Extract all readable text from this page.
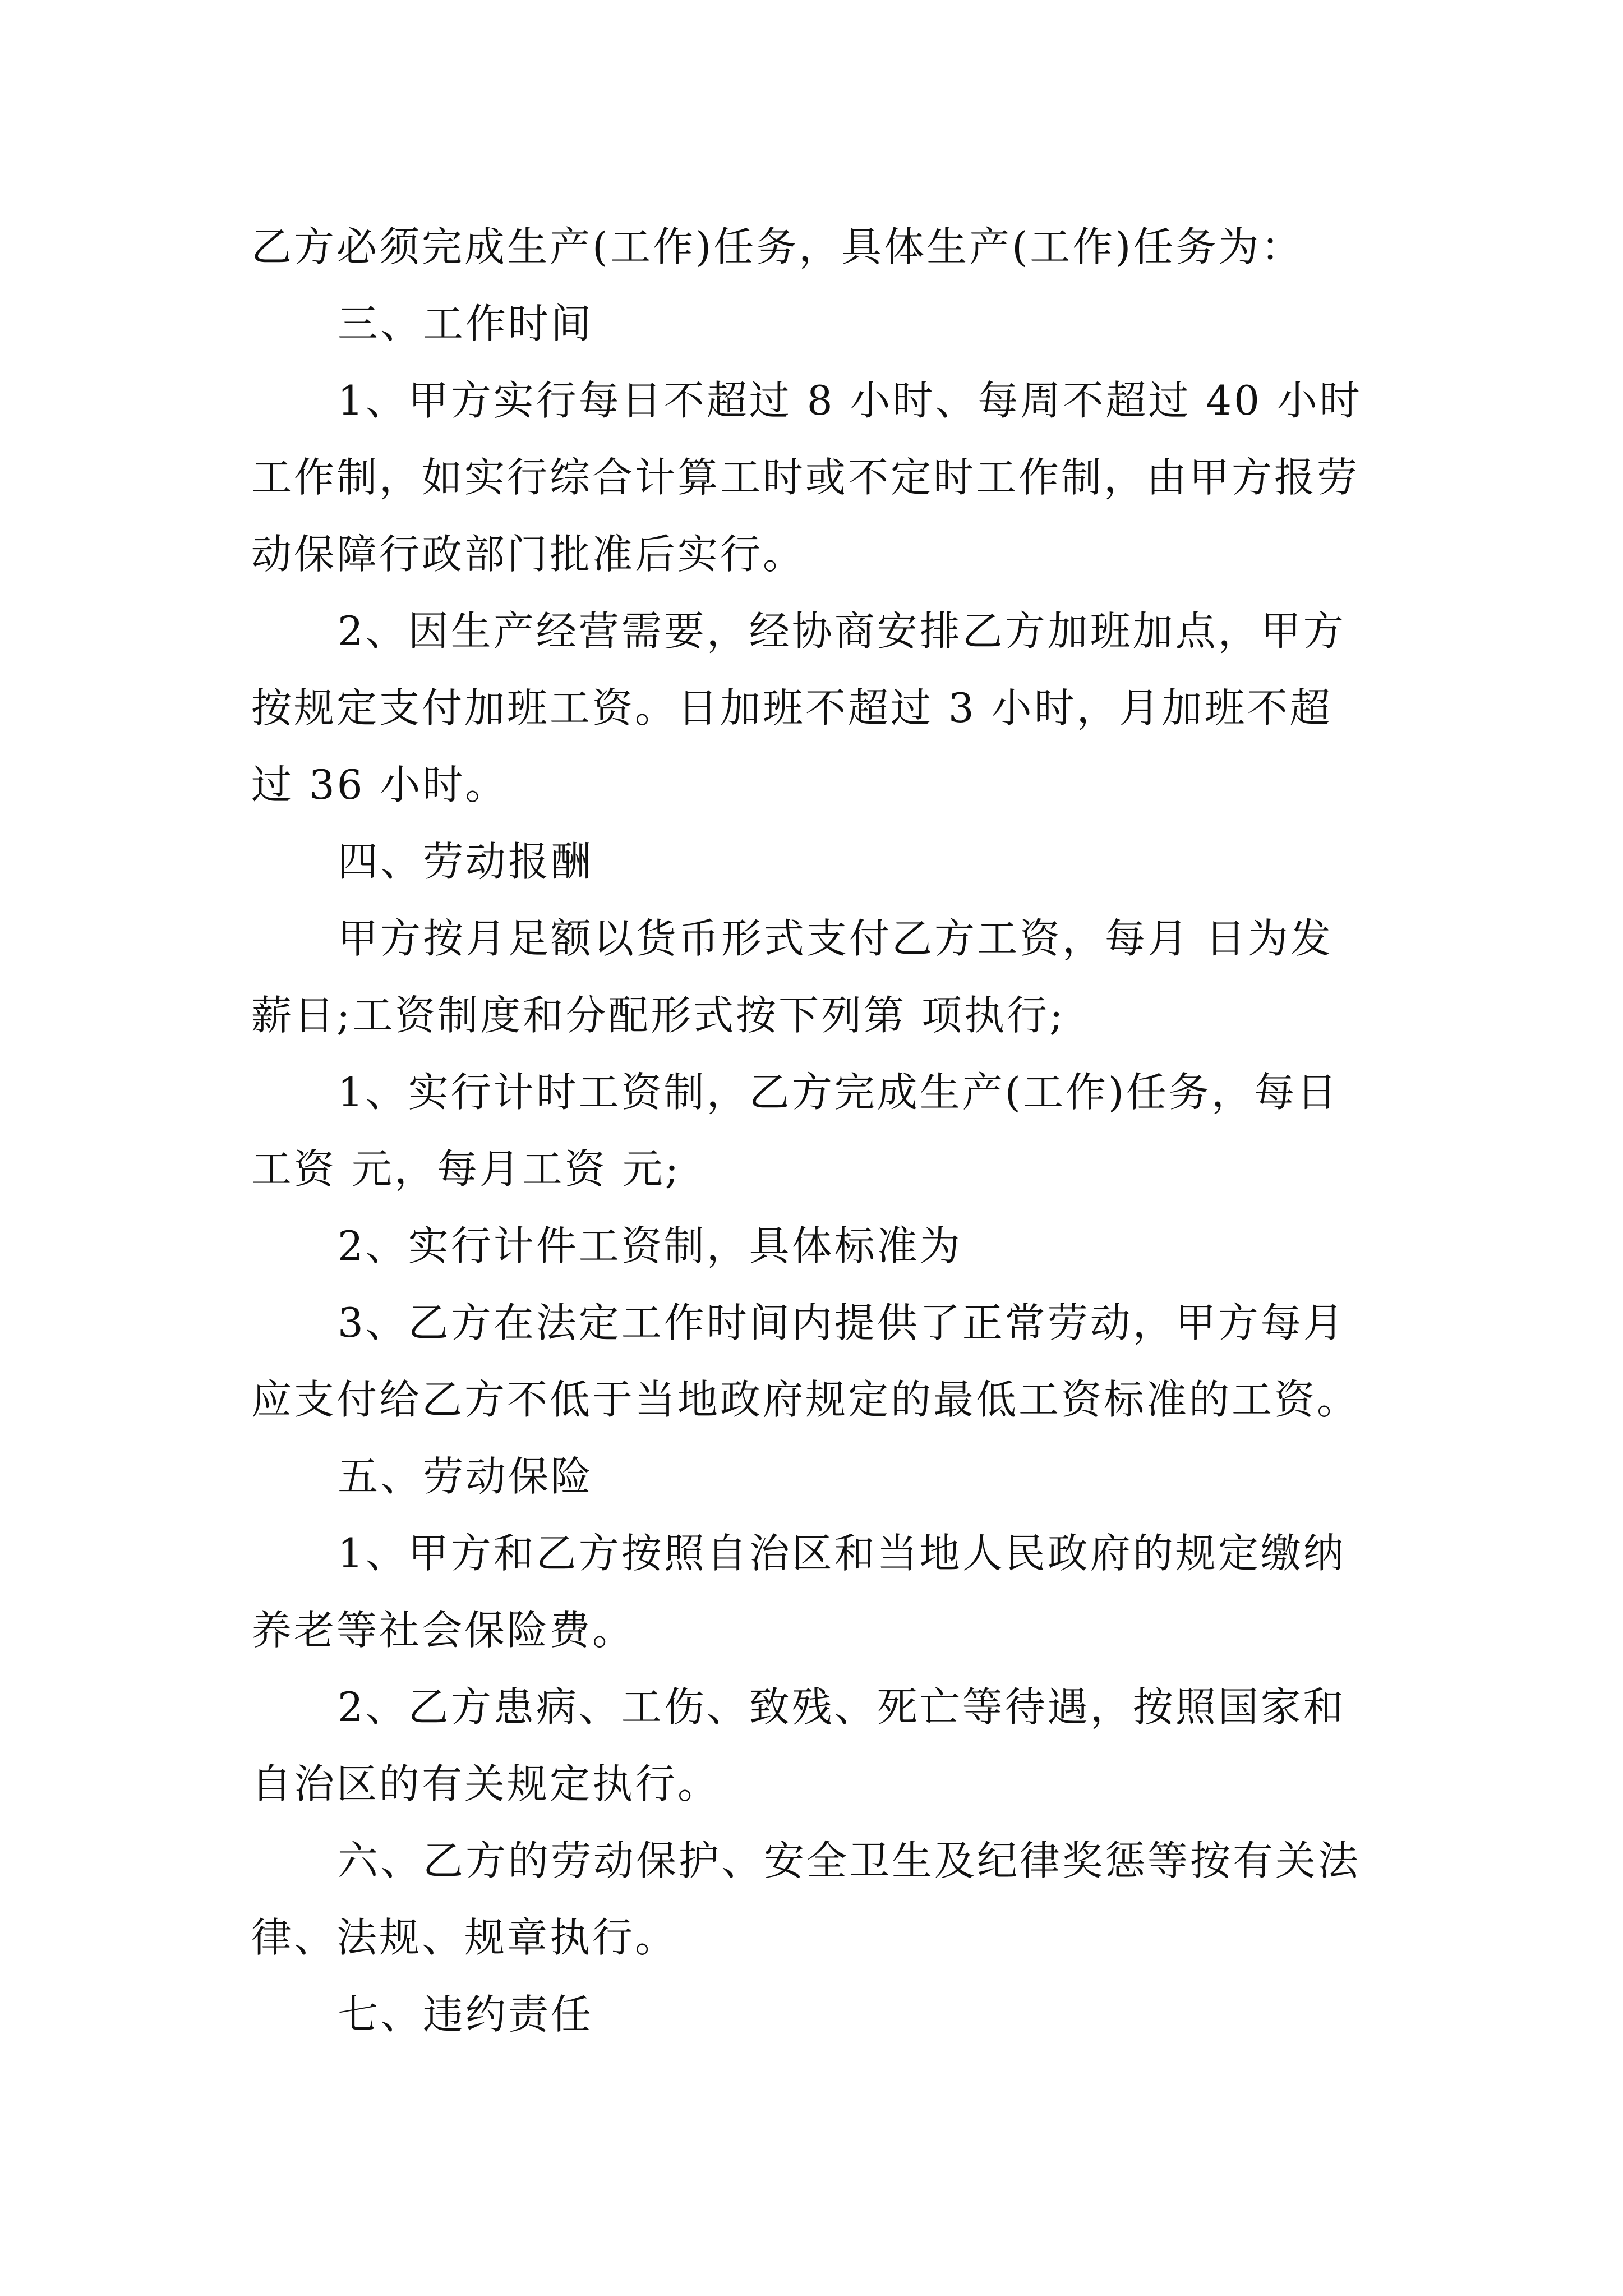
乙方必须完成生产(工作)任务，具体生产(工作)任务为：

三、工作时间

1、甲方实行每日不超过 8 小时、每周不超过 40 小时工作制，如实行综合计算工时或不定时工作制，由甲方报劳动保障行政部门批准后实行。

2、因生产经营需要，经协商安排乙方加班加点，甲方按规定支付加班工资。日加班不超过 3 小时，月加班不超过 36 小时。

四、劳动报酬

甲方按月足额以货币形式支付乙方工资，每月 日为发薪日;工资制度和分配形式按下列第 项执行;

1、实行计时工资制，乙方完成生产(工作)任务，每日工资 元，每月工资 元;

2、实行计件工资制，具体标准为

3、乙方在法定工作时间内提供了正常劳动，甲方每月应支付给乙方不低于当地政府规定的最低工资标准的工资。

五、劳动保险

1、甲方和乙方按照自治区和当地人民政府的规定缴纳养老等社会保险费。

2、乙方患病、工伤、致残、死亡等待遇，按照国家和自治区的有关规定执行。

六、乙方的劳动保护、安全卫生及纪律奖惩等按有关法律、法规、规章执行。

七、违约责任
